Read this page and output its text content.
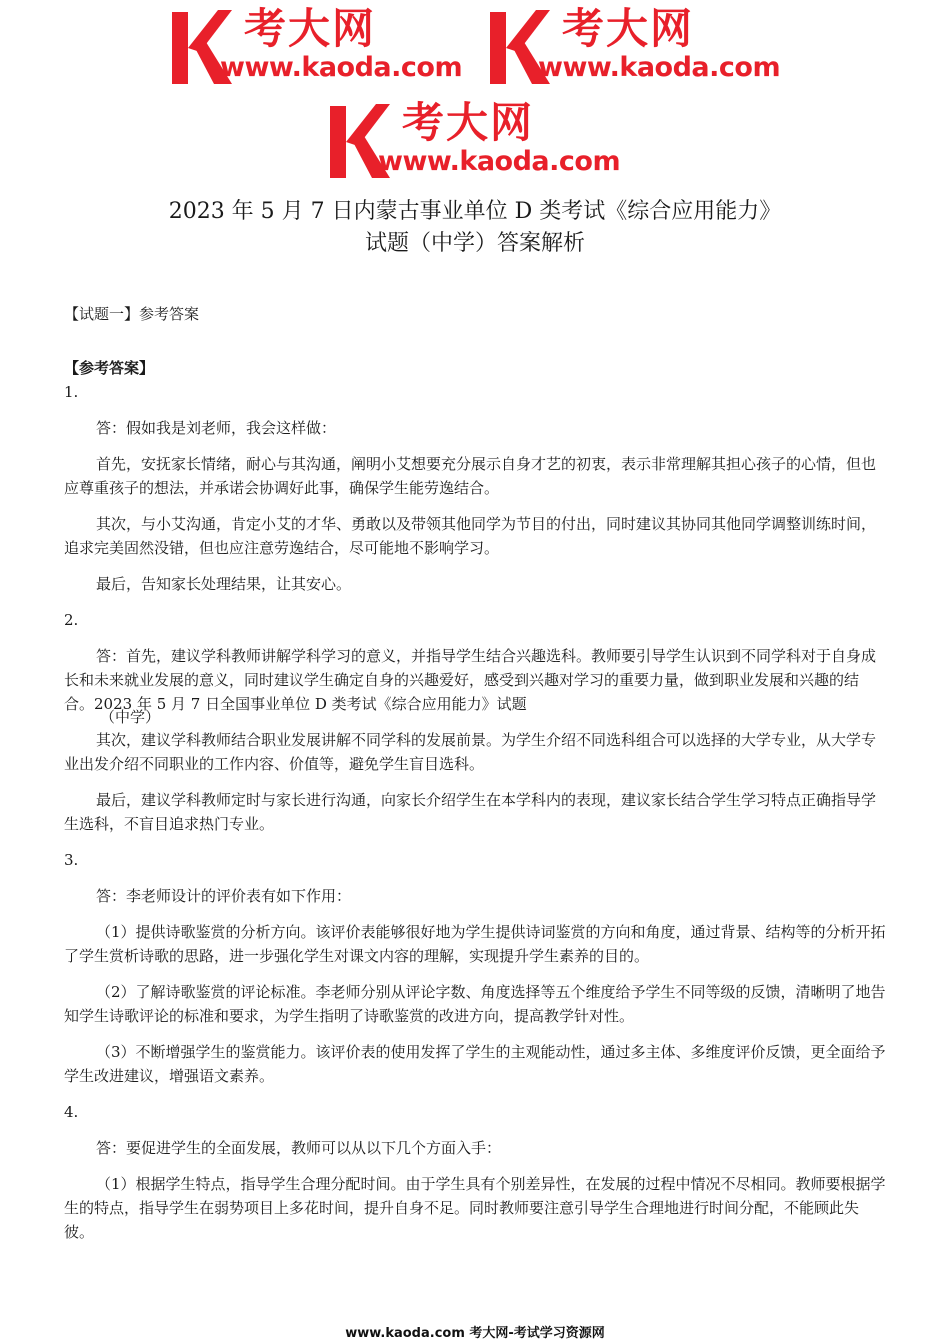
考大网
www.kaoda.com
考大网
www.kaoda.com
考大网
www.kaoda.com
2023 年 5 月 7 日内蒙古事业单位 D 类考试《综合应用能力》
试题（中学）答案解析

【试题一】参考答案

【参考答案】

1.

答：假如我是刘老师，我会这样做：

首先，安抚家长情绪，耐心与其沟通，阐明小艾想要充分展示自身才艺的初衷，表示非常理解其担心孩子的心情，但也应尊重孩子的想法，并承诺会协调好此事，确保学生能劳逸结合。

其次，与小艾沟通，肯定小艾的才华、勇敢以及带领其他同学为节目的付出，同时建议其协同其他同学调整训练时间，追求完美固然没错，但也应注意劳逸结合，尽可能地不影响学习。

最后，告知家长处理结果，让其安心。

2.

答：首先，建议学科教师讲解学科学习的意义，并指导学生结合兴趣选科。教师要引导学生认识到不同学科对于自身成长和未来就业发展的意义，同时建议学生确定自身的兴趣爱好，感受到兴趣对学习的重要力量，做到职业发展和兴趣的结合。2023 年 5 月 7 日全国事业单位 D 类考试《综合应用能力》试题

（中学）

其次，建议学科教师结合职业发展讲解不同学科的发展前景。为学生介绍不同选科组合可以选择的大学专业，从大学专业出发介绍不同职业的工作内容、价值等，避免学生盲目选科。

最后，建议学科教师定时与家长进行沟通，向家长介绍学生在本学科内的表现，建议家长结合学生学习特点正确指导学生选科，不盲目追求热门专业。

3.

答：李老师设计的评价表有如下作用：

（1）提供诗歌鉴赏的分析方向。该评价表能够很好地为学生提供诗词鉴赏的方向和角度，通过背景、结构等的分析开拓了学生赏析诗歌的思路，进一步强化学生对课文内容的理解，实现提升学生素养的目的。

（2）了解诗歌鉴赏的评论标准。李老师分别从评论字数、角度选择等五个维度给予学生不同等级的反馈，清晰明了地告知学生诗歌评论的标准和要求，为学生指明了诗歌鉴赏的改进方向，提高教学针对性。

（3）不断增强学生的鉴赏能力。该评价表的使用发挥了学生的主观能动性，通过多主体、多维度评价反馈，更全面给予学生改进建议，增强语文素养。

4.

答：要促进学生的全面发展，教师可以从以下几个方面入手：

（1）根据学生特点，指导学生合理分配时间。由于学生具有个别差异性，在发展的过程中情况不尽相同。教师要根据学生的特点，指导学生在弱势项目上多花时间，提升自身不足。同时教师要注意引导学生合理地进行时间分配，不能顾此失彼。

www.kaoda.com 考大网-考试学习资源网
